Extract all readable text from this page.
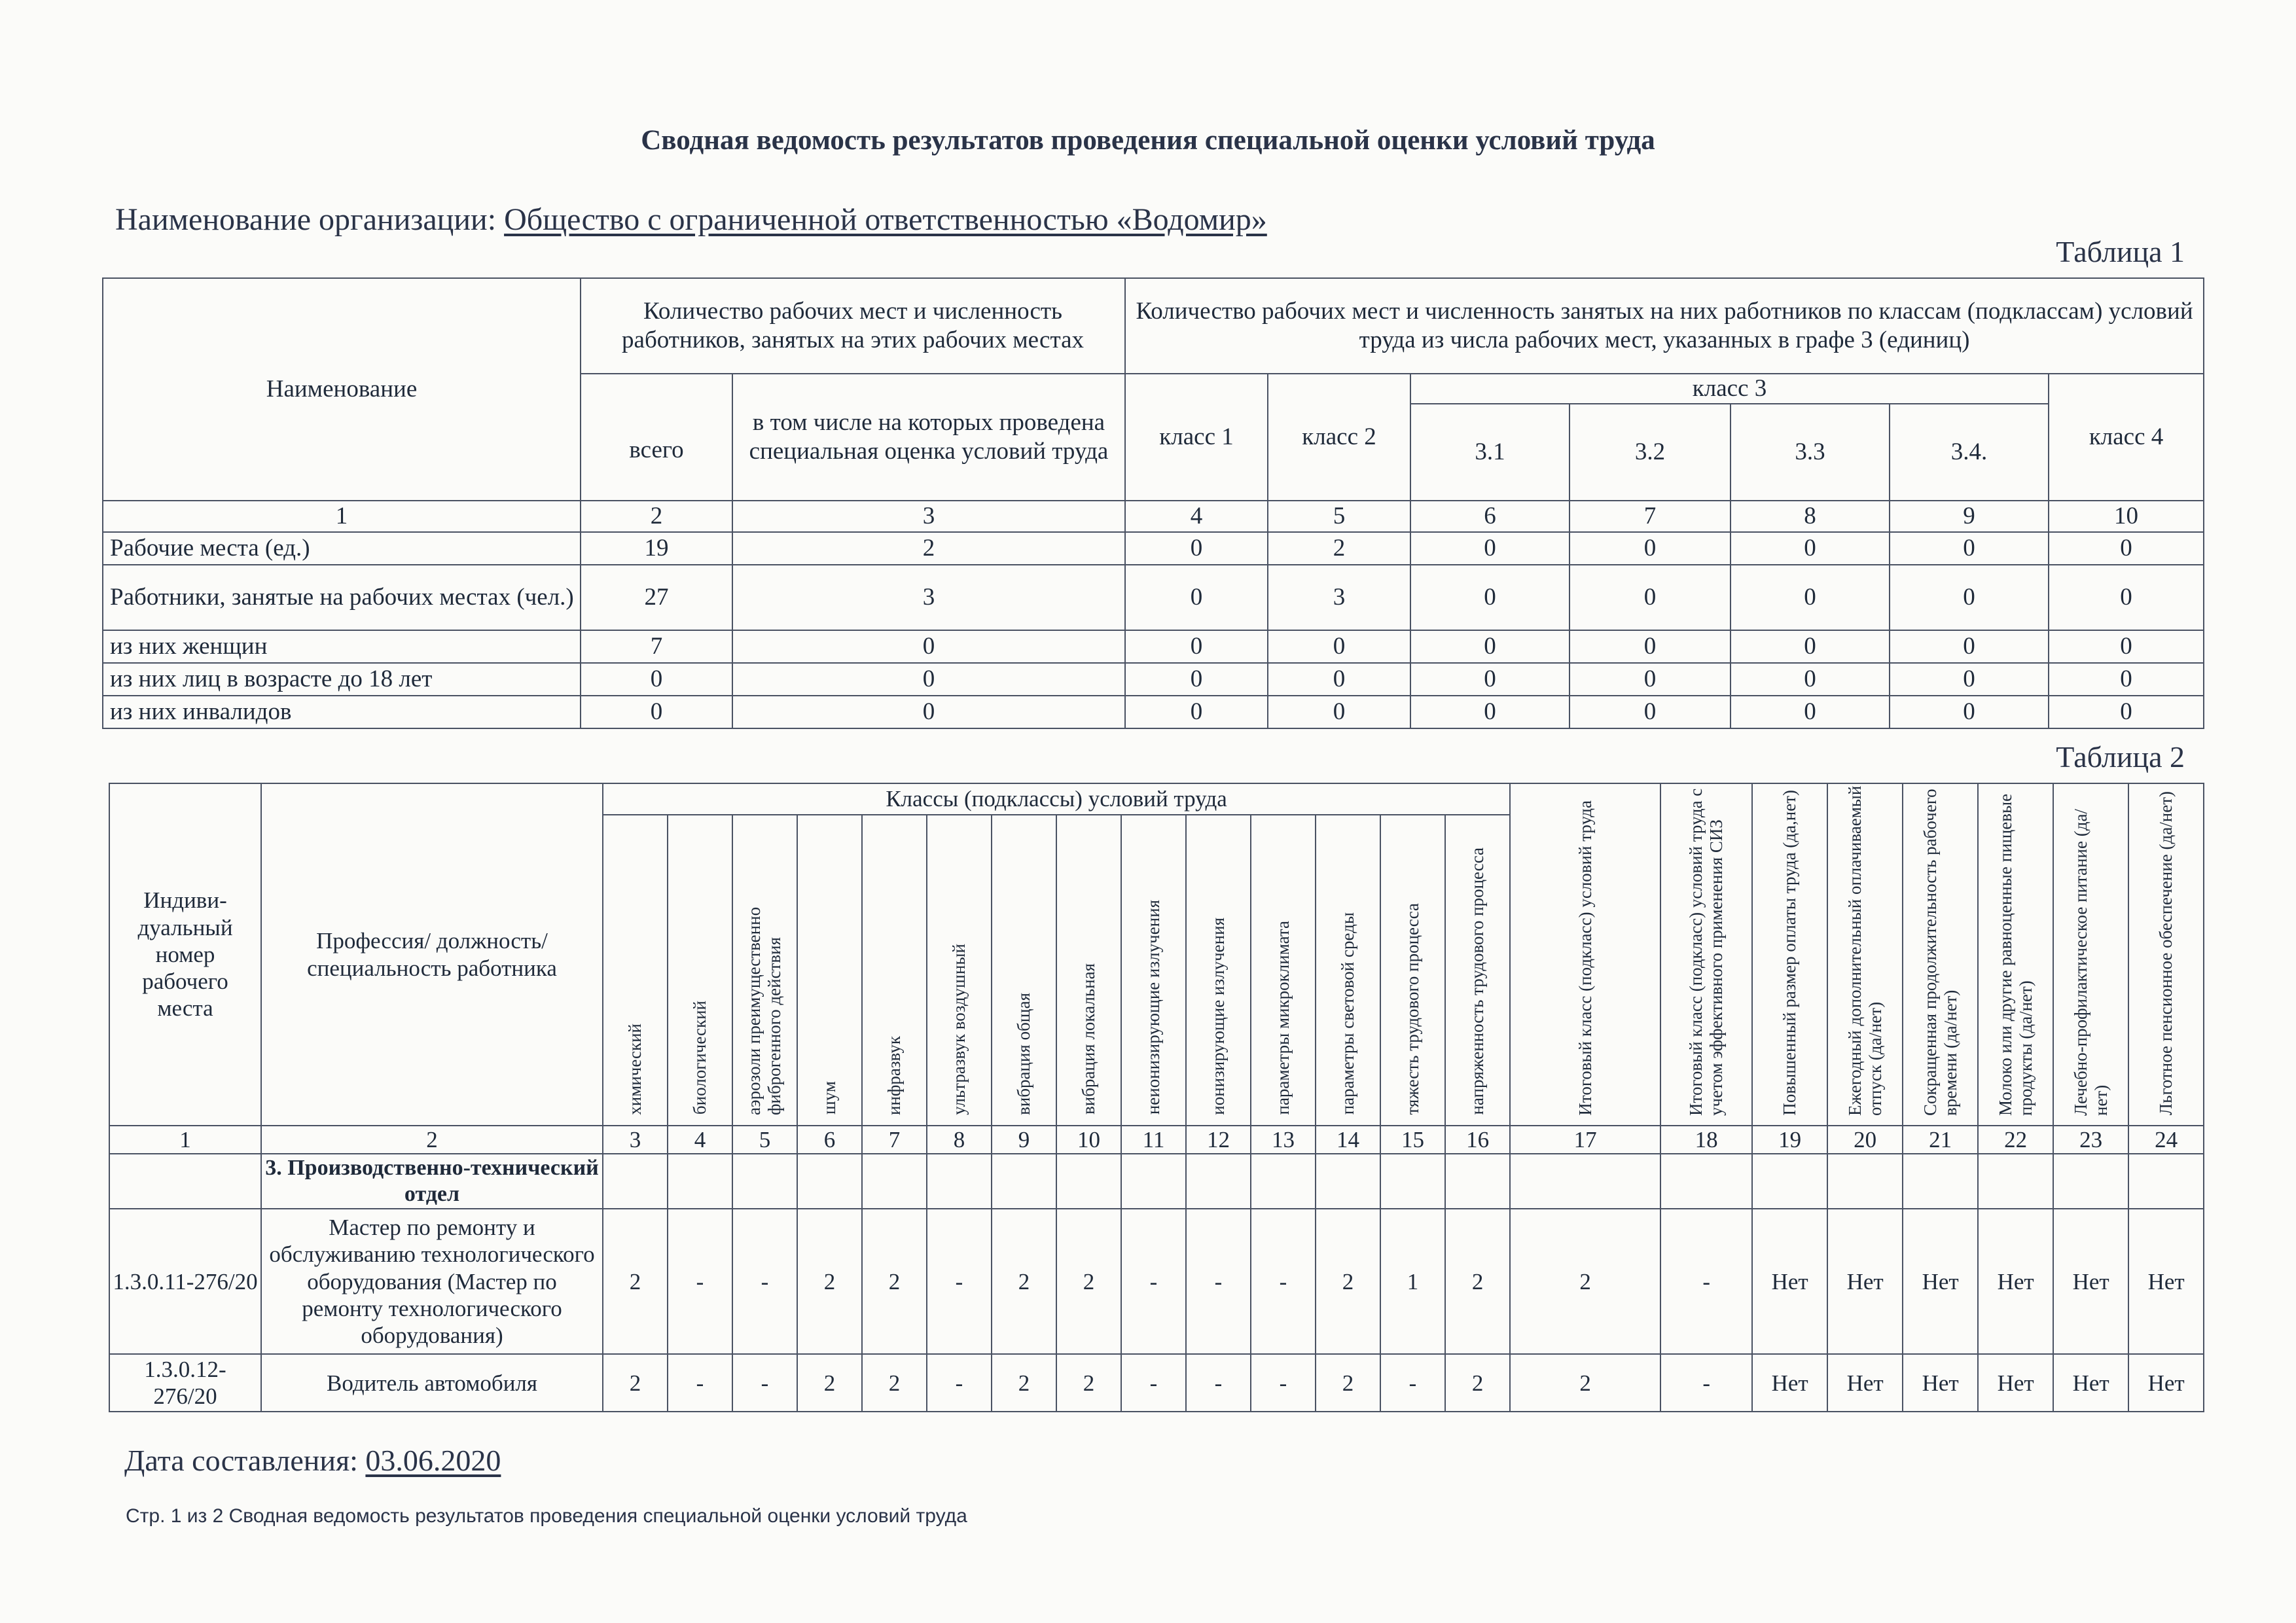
Сводная ведомость результатов проведения специальной оценки условий труда
Наименование организации: Общество с ограниченной ответственностью «Водомир»
Таблица 1
Наименование	Количество рабочих мест и численность работников, занятых на этих рабочих местах		Количество рабочих мест и численность занятых на них работников по классам (подклассам) условий труда из числа рабочих мест, указанных в графе 3 (единиц)						
	всего	в том числе на которых проведена специальная оценка условий труда	класс 1	класс 2	класс 3				класс 4
					3.1	3.2	3.3	3.4.	
1	2	3	4	5	6	7	8	9	10
Рабочие места (ед.)	19	2	0	2	0	0	0	0	0
Работники, занятые на рабочих местах (чел.)	27	3	0	3	0	0	0	0	0
из них женщин	7	0	0	0	0	0	0	0	0
из них лиц в возрасте до 18 лет	0	0	0	0	0	0	0	0	0
из них инвалидов	0	0	0	0	0	0	0	0	0
Таблица 2
Индиви-дуальный номер рабочего места	Профессия/ должность/ специальность работника	Классы (подклассы) условий труда														Итоговый класс (подкласс) условий труда	Итоговый класс (подкласс) условий труда с учетом эффективного применения СИЗ	Повышенный размер оплаты труда (да,нет)	Ежегодный дополнительный оплачиваемый отпуск (да/нет)	Сокращенная продолжительность рабочего времени (да/нет)	Молоко или другие равноценные пищевые продукты (да/нет)	Лечебно-профилактическое питание (да/нет)	Льготное пенсионное обеспечение (да/нет)

		химический	биологический	аэрозоли преимущественно фиброгенного действия	шум	инфразвук	ультразвук воздушный	вибрация общая	вибрация локальная	неионизирующие излучения	ионизирующие излучения	параметры микроклимата	параметры световой среды	тяжесть трудового процесса	напряженность трудового процесса								

1	2	3	4	5	6	7	8	9	10	11	12	13	14	15	16	17	18	19	20	21	22	23	24
	3. Производственно-технический отдел																						
1.3.0.11-276/20	Мастер по ремонту и обслуживанию технологического оборудования (Мастер по ремонту технологического оборудования)	2	-	-	2	2	-	2	2	-	-	-	2	1	2	2	-	Нет	Нет	Нет	Нет	Нет	Нет
1.3.0.12-276/20	Водитель автомобиля	2	-	-	2	2	-	2	2	-	-	-	2	-	2	2	-	Нет	Нет	Нет	Нет	Нет	Нет
Дата составления: 03.06.2020
Стр. 1 из 2 Сводная ведомость результатов проведения специальной оценки условий труда
